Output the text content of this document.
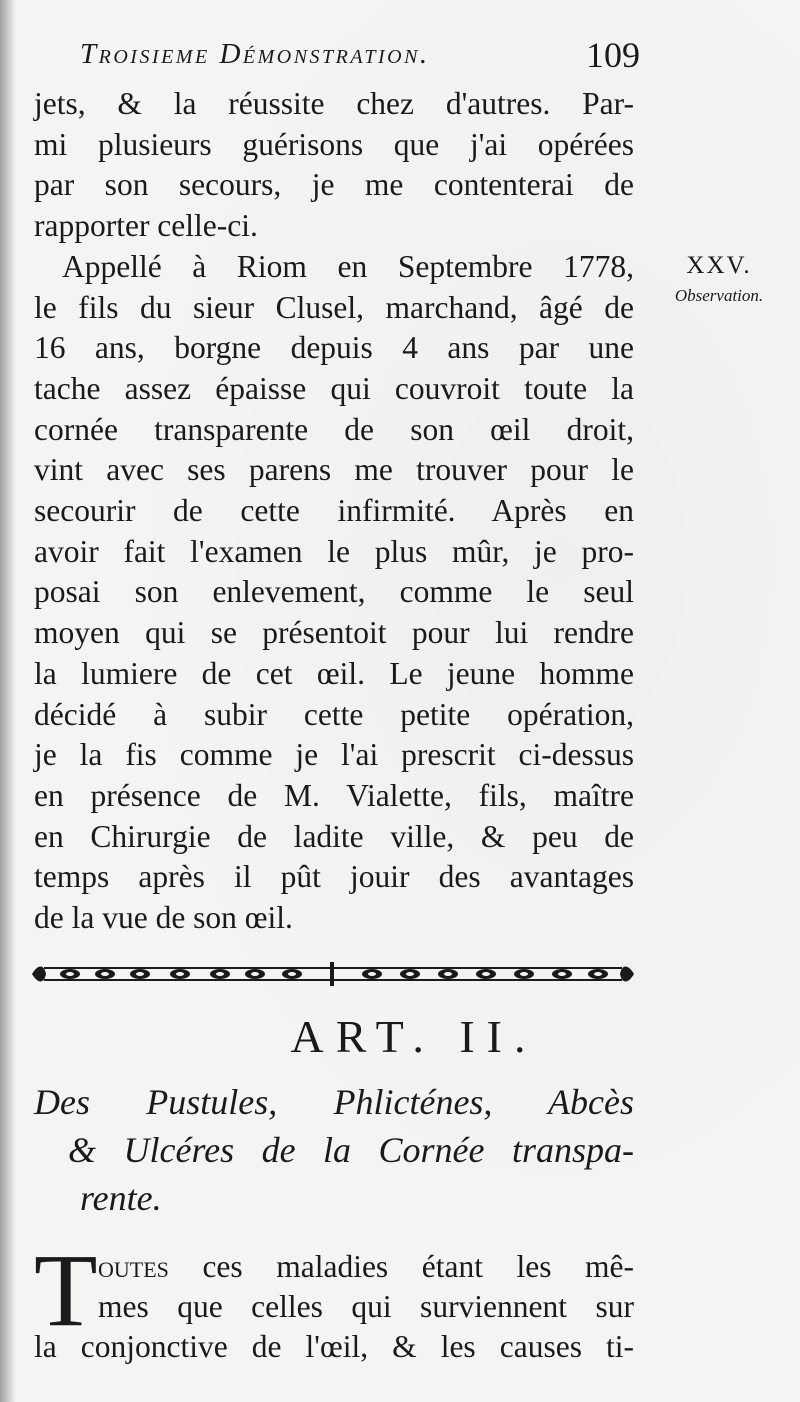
Troisieme Démonstration.	109
jets, & la réussite chez d'autres. Par-
mi plusieurs guérisons que j'ai opérées
par son secours, je me contenterai de
rapporter celle-ci.
Appellé à Riom en Septembre 1778,
le fils du sieur Clusel, marchand, âgé de
16 ans, borgne depuis 4 ans par une
tache assez épaisse qui couvroit toute la
cornée transparente de son œil droit,
vint avec ses parens me trouver pour le
secourir de cette infirmité. Après en
avoir fait l'examen le plus mûr, je pro-
posai son enlevement, comme le seul
moyen qui se présentoit pour lui rendre
la lumiere de cet œil. Le jeune homme
décidé à subir cette petite opération,
je la fis comme je l'ai prescrit ci-dessus
en présence de M. Vialette, fils, maître
en Chirurgie de ladite ville, & peu de
temps après il pût jouir des avantages
de la vue de son œil.
XXV.
Observation.
ART. II.
Des Pustules, Phlicténes, Abcès
& Ulcéres de la Cornée transpa-
rente.
T outes ces maladies étant les mê-
mes que celles qui surviennent sur
la conjonctive de l'œil, & les causes ti-
